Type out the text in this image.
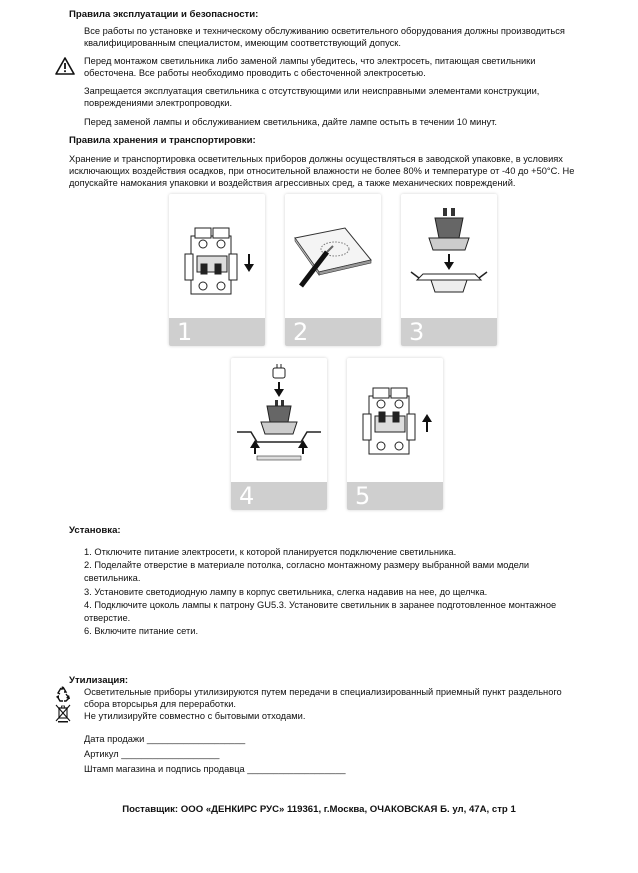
Правила эксплуатации и безопасности:
Все работы по установке и техническому обслуживанию осветительного оборудования должны производиться
квалифицированным специалистом, имеющим соответствующий допуск.
Перед монтажом светильника либо заменой лампы убедитесь, что электросеть, питающая светильники
обесточена. Все работы необходимо проводить с обесточенной электросетью.
Запрещается эксплуатация светильника с отсутствующими или неисправными элементами конструкции,
повреждениями электропроводки.
Перед заменой лампы и обслуживанием светильника, дайте лампе остыть в течении 10 минут.
Правила хранения и транспортировки:
Хранение и транспортировка осветительных приборов должны осуществляться в заводской упаковке, в условиях
исключающих воздействия осадков, при относительной влажности не более 80% и температуре от -40 до +50°С. Не
допускайте намокания упаковки и воздействия агрессивных сред, а также механических повреждений.
1	2	3
4	5
Установка:
1. Отключите питание электросети, к которой планируется подключение светильника.
2. Поделайте отверстие в материале потолка, согласно монтажному размеру выбранной вами модели
светильника.
3. Установите светодиодную лампу в корпус светильника, слегка надавив на нее, до щелчка.
4. Подключите цоколь лампы к патрону GU5.3. Установите светильник в заранее подготовленное монтажное
отверстие.
6. Включите питание сети.
Утилизация:
Осветительные приборы утилизируются путем передачи в специализированный приемный пункт раздельного
сбора вторсырья для переработки.
Не утилизируйте совместно с бытовыми отходами.
Дата продажи ___________________
Артикул ___________________
Штамп магазина и подпись продавца ___________________
Поставщик: ООО «ДЕНКИРС РУС» 119361, г.Москва, ОЧАКОВСКАЯ Б. ул, 47А, стр 1
